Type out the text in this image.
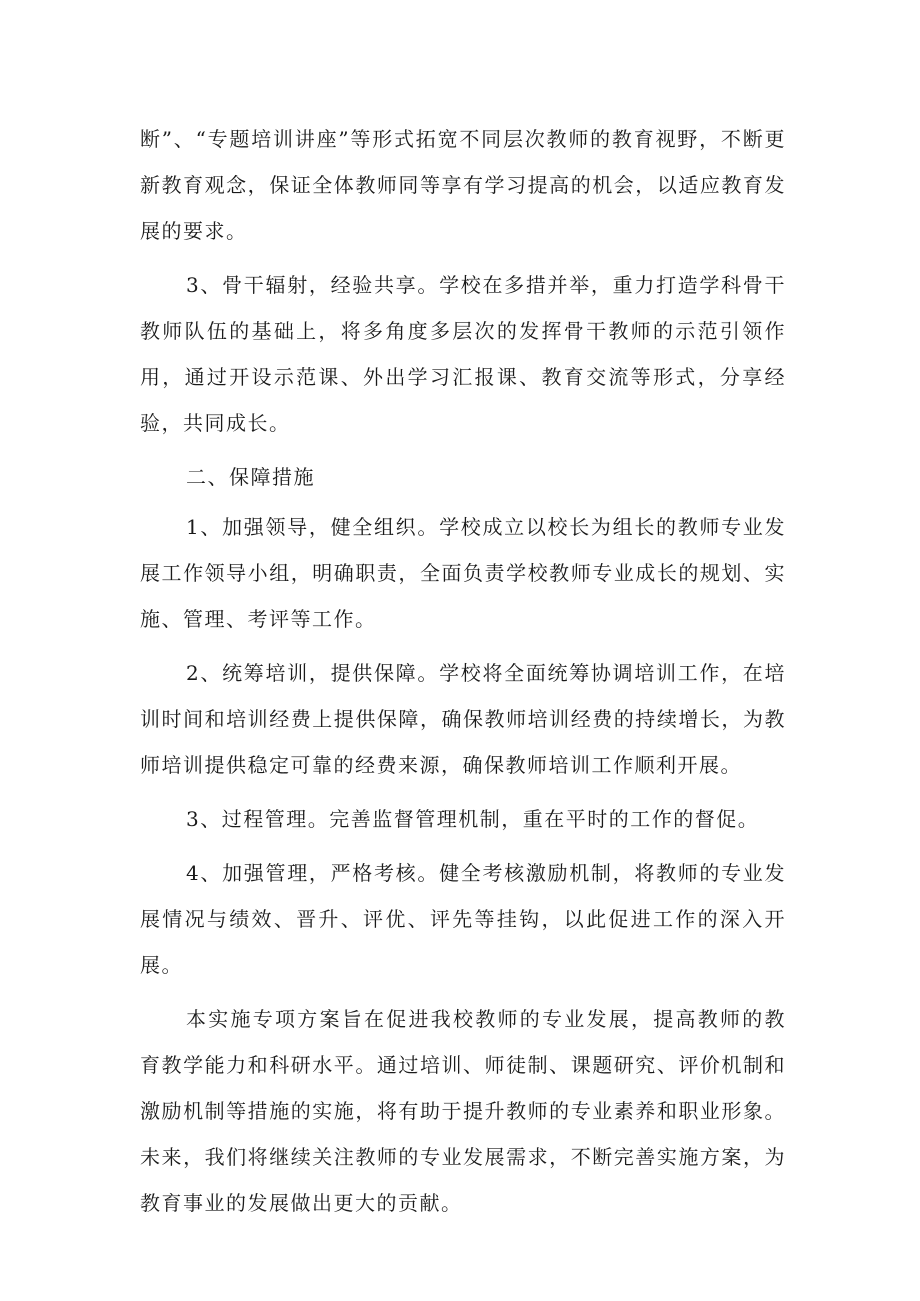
断”、“专题培训讲座”等形式拓宽不同层次教师的教育视野，不断更新教育观念，保证全体教师同等享有学习提高的机会，以适应教育发展的要求。

3、骨干辐射，经验共享。学校在多措并举，重力打造学科骨干教师队伍的基础上，将多角度多层次的发挥骨干教师的示范引领作用，通过开设示范课、外出学习汇报课、教育交流等形式，分享经验，共同成长。

二、保障措施

1、加强领导，健全组织。学校成立以校长为组长的教师专业发展工作领导小组，明确职责，全面负责学校教师专业成长的规划、实施、管理、考评等工作。

2、统筹培训，提供保障。学校将全面统筹协调培训工作，在培训时间和培训经费上提供保障，确保教师培训经费的持续增长，为教师培训提供稳定可靠的经费来源，确保教师培训工作顺利开展。

3、过程管理。完善监督管理机制，重在平时的工作的督促。

4、加强管理，严格考核。健全考核激励机制，将教师的专业发展情况与绩效、晋升、评优、评先等挂钩，以此促进工作的深入开展。

本实施专项方案旨在促进我校教师的专业发展，提高教师的教育教学能力和科研水平。通过培训、师徒制、课题研究、评价机制和激励机制等措施的实施，将有助于提升教师的专业素养和职业形象。未来，我们将继续关注教师的专业发展需求，不断完善实施方案，为教育事业的发展做出更大的贡献。
